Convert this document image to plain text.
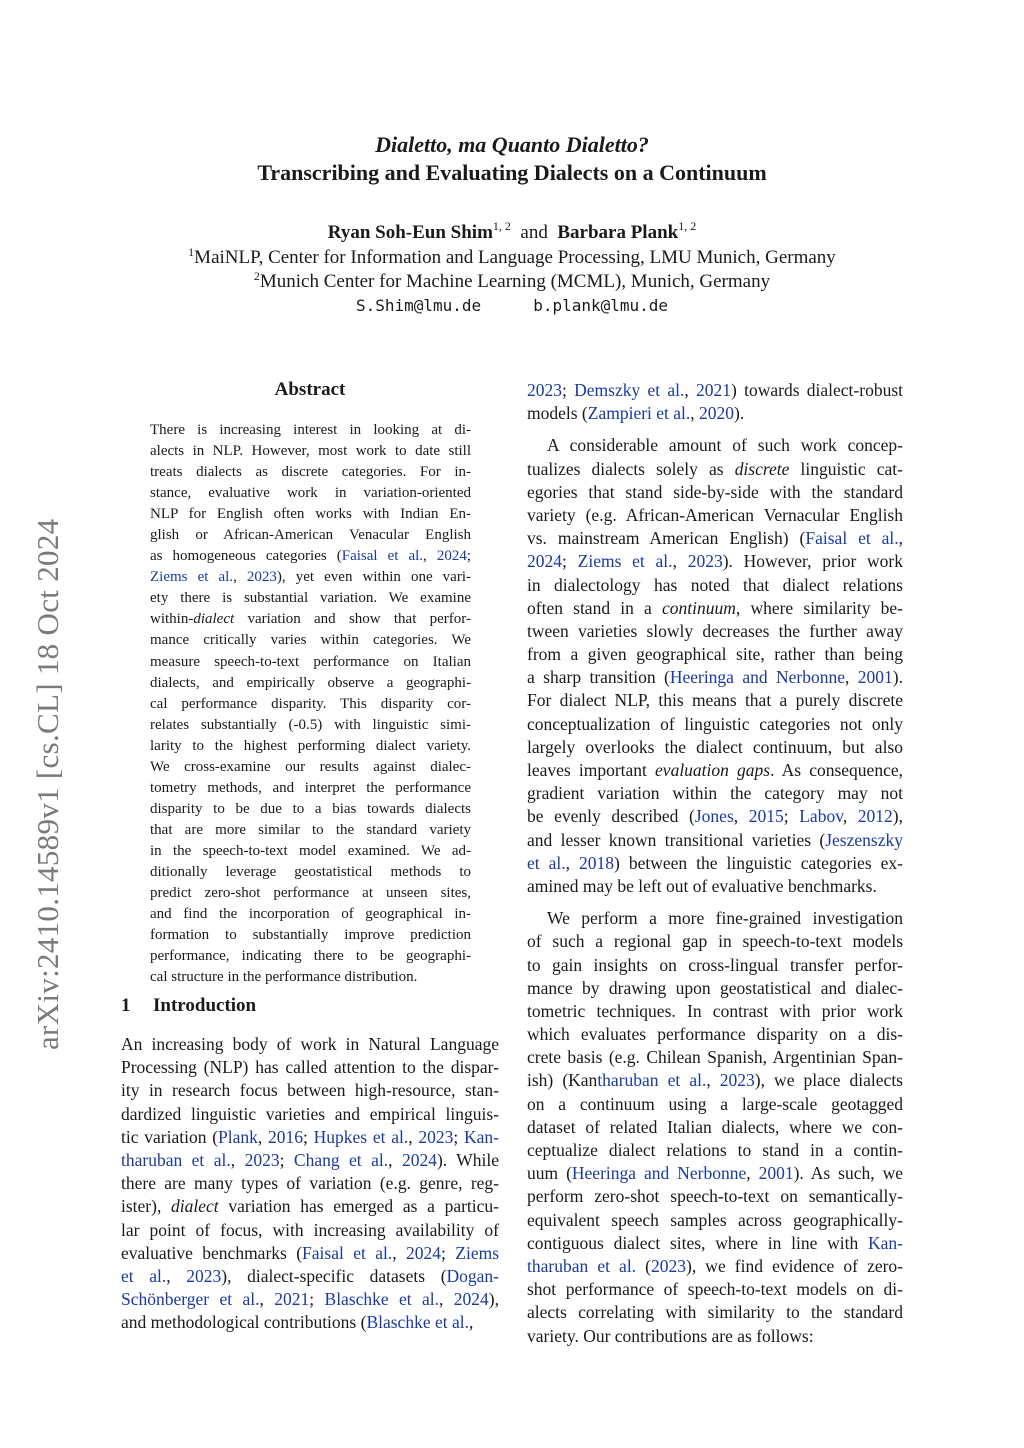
Dialetto, ma Quanto Dialetto?
Transcribing and Evaluating Dialects on a Continuum
Ryan Soh-Eun Shim$^{1, 2}$ and Barbara Plank$^{1, 2}$
$^1$MaiNLP, Center for Information and Language Processing, LMU Munich, Germany
$^2$Munich Center for Machine Learning (MCML), Munich, Germany
S.Shim@lmu.de	b.plank@lmu.de
arXiv:2410.14589v1 [cs.CL] 18 Oct 2024
Abstract
There is increasing interest in looking at di-
alects in NLP. However, most work to date still
treats dialects as discrete categories. For in-
stance, evaluative work in variation-oriented
NLP for English often works with Indian En-
glish or African-American Venacular English
as homogeneous categories (Faisal et al., 2024;
Ziems et al., 2023), yet even within one vari-
ety there is substantial variation. We examine
within-dialect variation and show that perfor-
mance critically varies within categories. We
measure speech-to-text performance on Italian
dialects, and empirically observe a geographi-
cal performance disparity. This disparity cor-
relates substantially (-0.5) with linguistic simi-
larity to the highest performing dialect variety.
We cross-examine our results against dialec-
tometry methods, and interpret the performance
disparity to be due to a bias towards dialects
that are more similar to the standard variety
in the speech-to-text model examined. We ad-
ditionally leverage geostatistical methods to
predict zero-shot performance at unseen sites,
and find the incorporation of geographical in-
formation to substantially improve prediction
performance, indicating there to be geographi-
cal structure in the performance distribution.
1 Introduction
An increasing body of work in Natural Language
Processing (NLP) has called attention to the dispar-
ity in research focus between high-resource, stan-
dardized linguistic varieties and empirical linguis-
tic variation (Plank, 2016; Hupkes et al., 2023; Kan-
tharuban et al., 2023; Chang et al., 2024). While
there are many types of variation (e.g. genre, reg-
ister), dialect variation has emerged as a particu-
lar point of focus, with increasing availability of
evaluative benchmarks (Faisal et al., 2024; Ziems
et al., 2023), dialect-specific datasets (Dogan-
Schönberger et al., 2021; Blaschke et al., 2024),
and methodological contributions (Blaschke et al.,
2023; Demszky et al., 2021) towards dialect-robust
models (Zampieri et al., 2020).
A considerable amount of such work concep-
tualizes dialects solely as discrete linguistic cat-
egories that stand side-by-side with the standard
variety (e.g. African-American Vernacular English
vs. mainstream American English) (Faisal et al.,
2024; Ziems et al., 2023). However, prior work
in dialectology has noted that dialect relations
often stand in a continuum, where similarity be-
tween varieties slowly decreases the further away
from a given geographical site, rather than being
a sharp transition (Heeringa and Nerbonne, 2001).
For dialect NLP, this means that a purely discrete
conceptualization of linguistic categories not only
largely overlooks the dialect continuum, but also
leaves important evaluation gaps. As consequence,
gradient variation within the category may not
be evenly described (Jones, 2015; Labov, 2012),
and lesser known transitional varieties (Jeszenszky
et al., 2018) between the linguistic categories ex-
amined may be left out of evaluative benchmarks.
We perform a more fine-grained investigation
of such a regional gap in speech-to-text models
to gain insights on cross-lingual transfer perfor-
mance by drawing upon geostatistical and dialec-
tometric techniques. In contrast with prior work
which evaluates performance disparity on a dis-
crete basis (e.g. Chilean Spanish, Argentinian Span-
ish) (Kantharuban et al., 2023), we place dialects
on a continuum using a large-scale geotagged
dataset of related Italian dialects, where we con-
ceptualize dialect relations to stand in a contin-
uum (Heeringa and Nerbonne, 2001). As such, we
perform zero-shot speech-to-text on semantically-
equivalent speech samples across geographically-
contiguous dialect sites, where in line with Kan-
tharuban et al. (2023), we find evidence of zero-
shot performance of speech-to-text models on di-
alects correlating with similarity to the standard
variety. Our contributions are as follows:
